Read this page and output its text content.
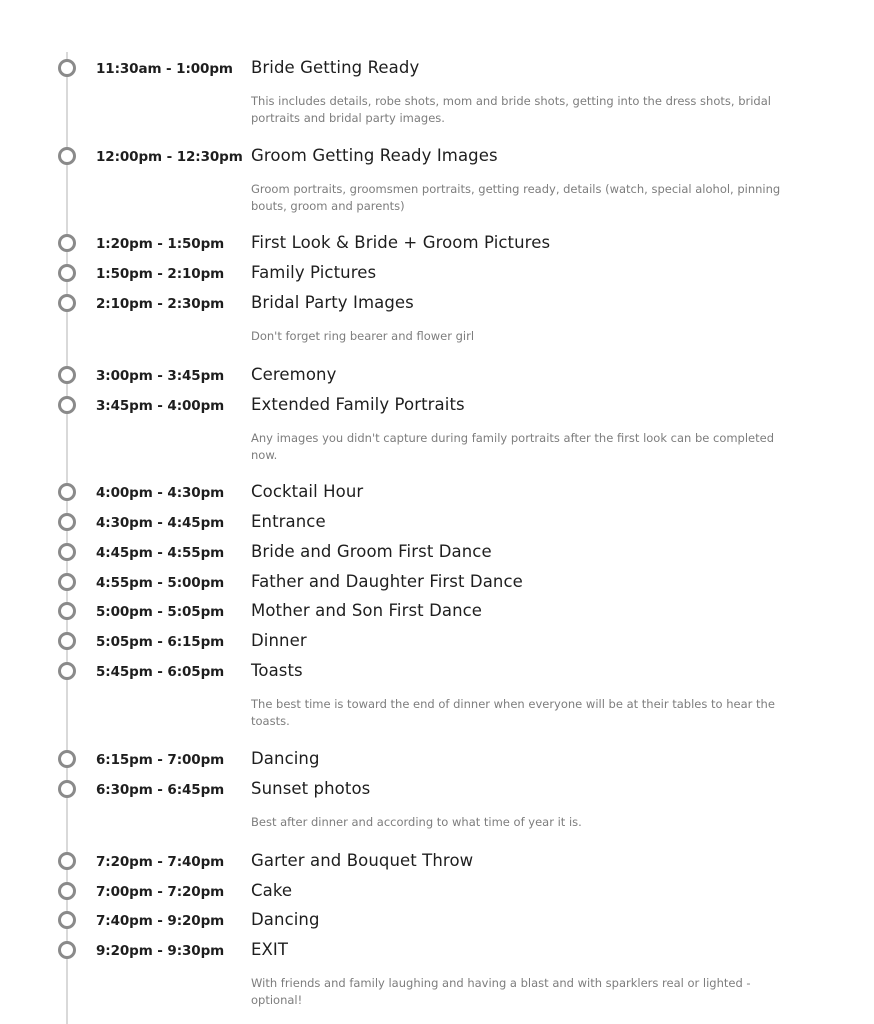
11:30am - 1:00pm Bride Getting Ready
This includes details, robe shots, mom and bride shots, getting into the dress shots, bridal portraits and bridal party images.
12:00pm - 12:30pm Groom Getting Ready Images
Groom portraits, groomsmen portraits, getting ready, details (watch, special alohol, pinning bouts, groom and parents)
1:20pm - 1:50pm First Look & Bride + Groom Pictures
1:50pm - 2:10pm Family Pictures
2:10pm - 2:30pm Bridal Party Images
Don't forget ring bearer and flower girl
3:00pm - 3:45pm Ceremony
3:45pm - 4:00pm Extended Family Portraits
Any images you didn't capture during family portraits after the first look can be completed now.
4:00pm - 4:30pm Cocktail Hour
4:30pm - 4:45pm Entrance
4:45pm - 4:55pm Bride and Groom First Dance
4:55pm - 5:00pm Father and Daughter First Dance
5:00pm - 5:05pm Mother and Son First Dance
5:05pm - 6:15pm Dinner
5:45pm - 6:05pm Toasts
The best time is toward the end of dinner when everyone will be at their tables to hear the toasts.
6:15pm - 7:00pm Dancing
6:30pm - 6:45pm Sunset photos
Best after dinner and according to what time of year it is.
7:20pm - 7:40pm Garter and Bouquet Throw
7:00pm - 7:20pm Cake
7:40pm - 9:20pm Dancing
9:20pm - 9:30pm EXIT
With friends and family laughing and having a blast and with sparklers real or lighted - optional!
